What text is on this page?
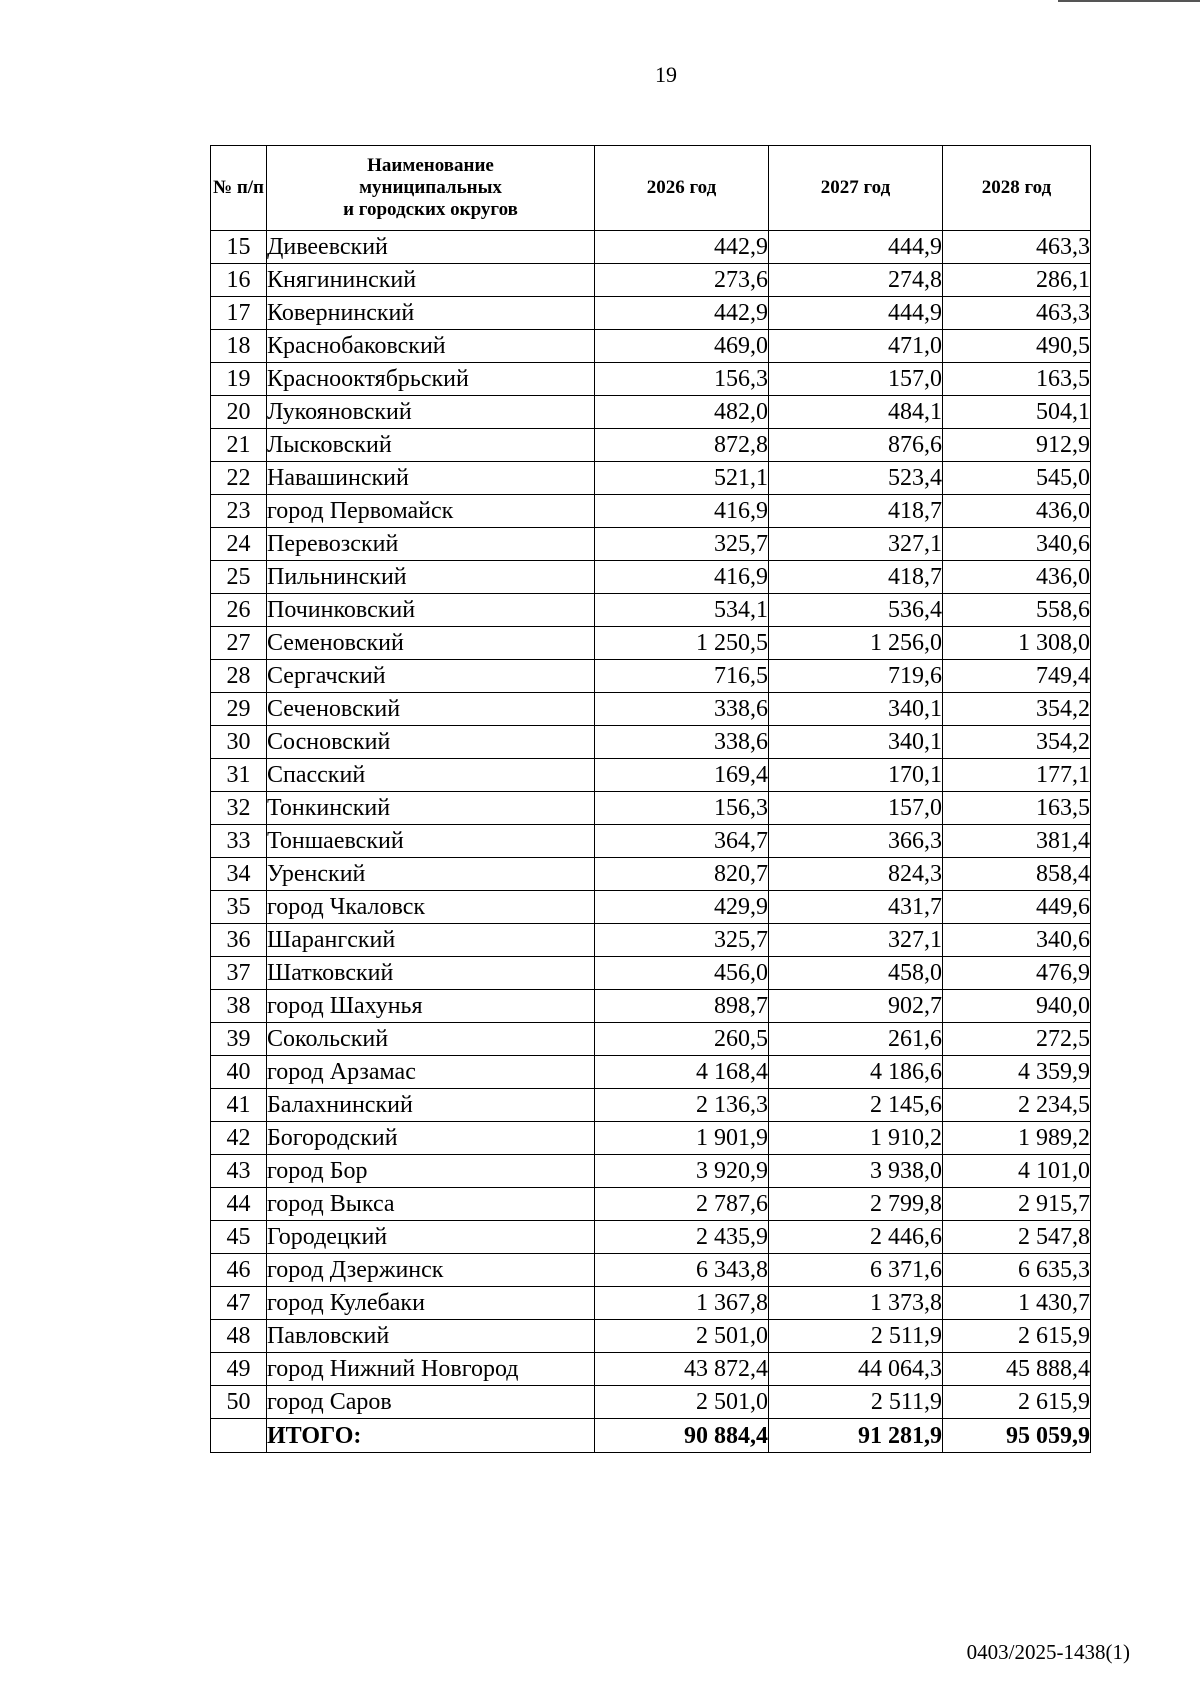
19
№ п/п	Наименование
муниципальных
и городских округов	2026 год	2027 год	2028 год
15	Дивеевский	442,9	444,9	463,3
16	Княгининский	273,6	274,8	286,1
17	Ковернинский	442,9	444,9	463,3
18	Краснобаковский	469,0	471,0	490,5
19	Краснооктябрьский	156,3	157,0	163,5
20	Лукояновский	482,0	484,1	504,1
21	Лысковский	872,8	876,6	912,9
22	Навашинский	521,1	523,4	545,0
23	город Первомайск	416,9	418,7	436,0
24	Перевозский	325,7	327,1	340,6
25	Пильнинский	416,9	418,7	436,0
26	Починковский	534,1	536,4	558,6
27	Семеновский	1 250,5	1 256,0	1 308,0
28	Сергачский	716,5	719,6	749,4
29	Сеченовский	338,6	340,1	354,2
30	Сосновский	338,6	340,1	354,2
31	Спасский	169,4	170,1	177,1
32	Тонкинский	156,3	157,0	163,5
33	Тоншаевский	364,7	366,3	381,4
34	Уренский	820,7	824,3	858,4
35	город Чкаловск	429,9	431,7	449,6
36	Шарангский	325,7	327,1	340,6
37	Шатковский	456,0	458,0	476,9
38	город Шахунья	898,7	902,7	940,0
39	Сокольский	260,5	261,6	272,5
40	город Арзамас	4 168,4	4 186,6	4 359,9
41	Балахнинский	2 136,3	2 145,6	2 234,5
42	Богородский	1 901,9	1 910,2	1 989,2
43	город Бор	3 920,9	3 938,0	4 101,0
44	город Выкса	2 787,6	2 799,8	2 915,7
45	Городецкий	2 435,9	2 446,6	2 547,8
46	город Дзержинск	6 343,8	6 371,6	6 635,3
47	город Кулебаки	1 367,8	1 373,8	1 430,7
48	Павловский	2 501,0	2 511,9	2 615,9
49	город Нижний Новгород	43 872,4	44 064,3	45 888,4
50	город Саров	2 501,0	2 511,9	2 615,9
	ИТОГО:	90 884,4	91 281,9	95 059,9
0403/2025-1438(1)
